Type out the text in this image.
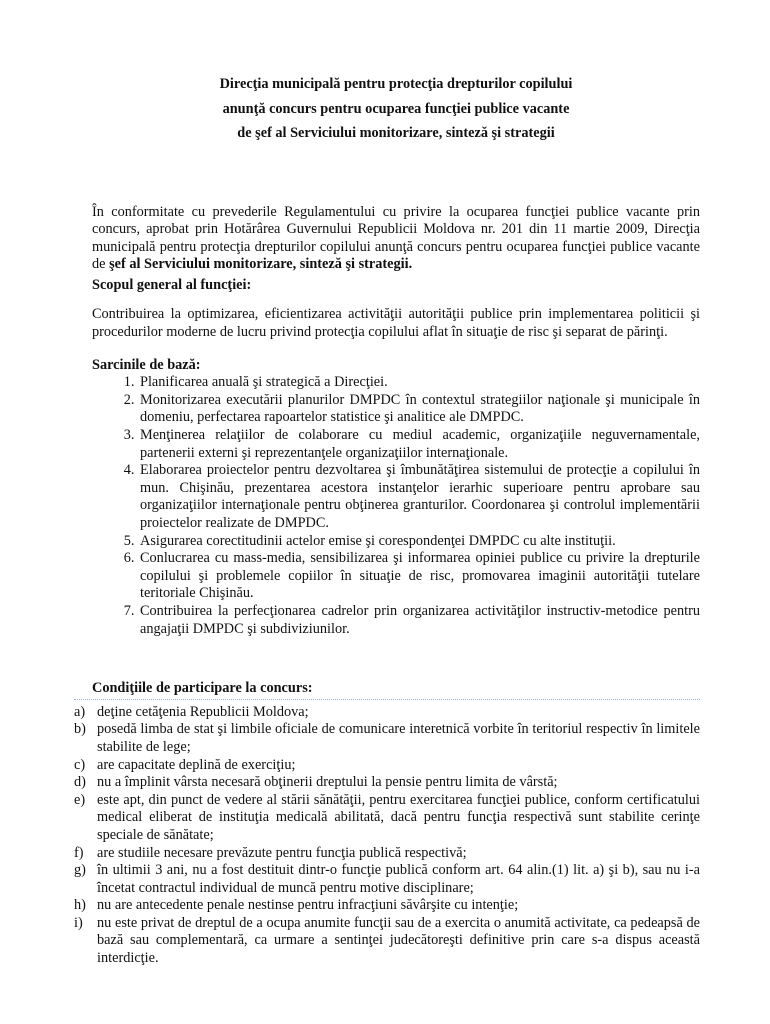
Direcţia municipală pentru protecţia drepturilor copilului
anunţă concurs pentru ocuparea funcţiei publice vacante
de şef al Serviciului monitorizare, sinteză şi strategii

În conformitate cu prevederile Regulamentului cu privire la ocuparea funcţiei publice vacante prin concurs, aprobat prin Hotărârea Guvernului Republicii Moldova nr. 201 din 11 martie 2009, Direcţia municipală pentru protecţia drepturilor copilului anunţă concurs pentru ocuparea funcţiei publice vacante de şef al Serviciului monitorizare, sinteză şi strategii.

Scopul general al funcţiei:

Contribuirea la optimizarea, eficientizarea activităţii autorităţii publice prin implementarea politicii şi procedurilor moderne de lucru privind protecţia copilului aflat în situaţie de risc şi separat de părinţi.

Sarcinile de bază:
1. Planificarea anuală şi strategică a Direcţiei.
2. Monitorizarea executării planurilor DMPDC în contextul strategiilor naţionale şi municipale în domeniu, perfectarea rapoartelor statistice şi analitice ale DMPDC.
3. Menţinerea relaţiilor de colaborare cu mediul academic, organizaţiile neguvernamentale, partenerii externi şi reprezentanţele organizaţiilor internaţionale.
4. Elaborarea proiectelor pentru dezvoltarea şi îmbunătăţirea sistemului de protecţie a copilului în mun. Chişinău, prezentarea acestora instanţelor ierarhic superioare pentru aprobare sau organizaţiilor internaţionale pentru obţinerea granturilor. Coordonarea şi controlul implementării proiectelor realizate de DMPDC.
5. Asigurarea corectitudinii actelor emise şi corespondenţei DMPDC cu alte instituţii.
6. Conlucrarea cu mass-media, sensibilizarea şi informarea opiniei publice cu privire la drepturile copilului şi problemele copiilor în situaţie de risc, promovarea imaginii autorităţii tutelare teritoriale Chişinău.
7. Contribuirea la perfecţionarea cadrelor prin organizarea activităţilor instructiv-metodice pentru angajaţii DMPDC şi subdiviziunilor.
Condiţiile de participare la concurs:
a) deţine cetăţenia Republicii Moldova;
b) posedă limba de stat şi limbile oficiale de comunicare interetnică vorbite în teritoriul respectiv în limitele stabilite de lege;
c) are capacitate deplină de exerciţiu;
d) nu a împlinit vârsta necesară obţinerii dreptului la pensie pentru limita de vârstă;
e) este apt, din punct de vedere al stării sănătăţii, pentru exercitarea funcţiei publice, conform certificatului medical eliberat de instituţia medicală abilitată, dacă pentru funcţia respectivă sunt stabilite cerinţe speciale de sănătate;
f) are studiile necesare prevăzute pentru funcţia publică respectivă;
g) în ultimii 3 ani, nu a fost destituit dintr-o funcţie publică conform art. 64 alin.(1) lit. a) şi b), sau nu i-a încetat contractul individual de muncă pentru motive disciplinare;
h) nu are antecedente penale nestinse pentru infracţiuni săvârşite cu intenţie;
i) nu este privat de dreptul de a ocupa anumite funcţii sau de a exercita o anumită activitate, ca pedeapsă de bază sau complementară, ca urmare a sentinţei judecătoreşti definitive prin care s-a dispus această interdicţie.
